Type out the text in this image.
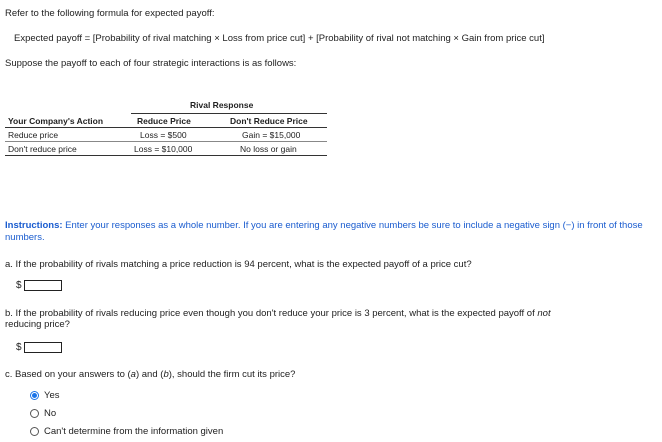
Refer to the following formula for expected payoff:
Expected payoff = [Probability of rival matching × Loss from price cut] + [Probability of rival not matching × Gain from price cut]
Suppose the payoff to each of four strategic interactions is as follows:
Rival Response
Your Company's Action	Reduce Price	Don't Reduce Price
Reduce price	Loss = $500	Gain = $15,000
Don't reduce price	Loss = $10,000	No loss or gain
Instructions: Enter your responses as a whole number. If you are entering any negative numbers be sure to include a negative sign (−) in front of those numbers.
a. If the probability of rivals matching a price reduction is 94 percent, what is the expected payoff of a price cut?
$
b. If the probability of rivals reducing price even though you don't reduce your price is 3 percent, what is the expected payoff of not
reducing price?
$
c. Based on your answers to (a) and (b), should the firm cut its price?
Yes
No
Can't determine from the information given
